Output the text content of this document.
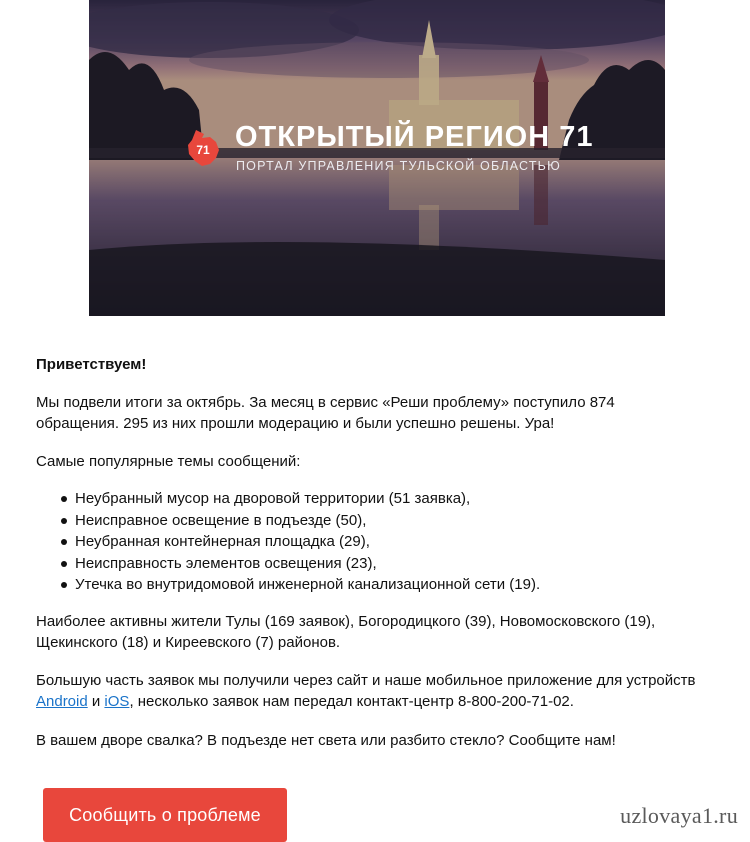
71 ОТКРЫТЫЙ РЕГИОН 71
ПОРТАЛ УПРАВЛЕНИЯ ТУЛЬСКОЙ ОБЛАСТЬЮ

Приветствуем!

Мы подвели итоги за октябрь. За месяц в сервис «Реши проблему» поступило 874

обращения. 295 из них прошли модерацию и были успешно решены. Ура!

Самые популярные темы сообщений:

Неубранный мусор на дворовой территории (51 заявка),
Неисправное освещение в подъезде (50),
Неубранная контейнерная площадка (29),
Неисправность элементов освещения (23),
Утечка во внутридомовой инженерной канализационной сети (19).

Наиболее активны жители Тулы (169 заявок), Богородицкого (39), Новомосковского (19),

Щекинского (18) и Киреевского (7) районов.

Большую часть заявок мы получили через сайт и наше мобильное приложение для устройств

Android и iOS, несколько заявок нам передал контакт-центр 8-800-200-71-02.

В вашем дворе свалка? В подъезде нет света или разбито стекло? Сообщите нам!

Сообщить о проблеме	uzlovaya1.ru
